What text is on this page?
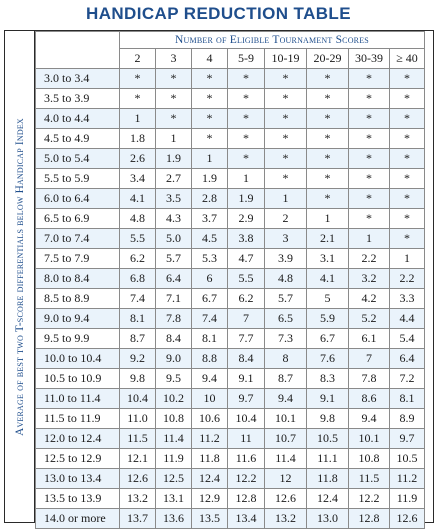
HANDICAP REDUCTION TABLE
Average of best two T-score differentials below Handicap Index
	Number of Eligible Tournament Scores							
	2	3	4	5-9	10-19	20-29	30-39	≥ 40
3.0 to 3.4	*	*	*	*	*	*	*	*
3.5 to 3.9	*	*	*	*	*	*	*	*
4.0 to 4.4	1	*	*	*	*	*	*	*
4.5 to 4.9	1.8	1	*	*	*	*	*	*
5.0 to 5.4	2.6	1.9	1	*	*	*	*	*
5.5 to 5.9	3.4	2.7	1.9	1	*	*	*	*
6.0 to 6.4	4.1	3.5	2.8	1.9	1	*	*	*
6.5 to 6.9	4.8	4.3	3.7	2.9	2	1	*	*
7.0 to 7.4	5.5	5.0	4.5	3.8	3	2.1	1	*
7.5 to 7.9	6.2	5.7	5.3	4.7	3.9	3.1	2.2	1
8.0 to 8.4	6.8	6.4	6	5.5	4.8	4.1	3.2	2.2
8.5 to 8.9	7.4	7.1	6.7	6.2	5.7	5	4.2	3.3
9.0 to 9.4	8.1	7.8	7.4	7	6.5	5.9	5.2	4.4
9.5 to 9.9	8.7	8.4	8.1	7.7	7.3	6.7	6.1	5.4
10.0 to 10.4	9.2	9.0	8.8	8.4	8	7.6	7	6.4
10.5 to 10.9	9.8	9.5	9.4	9.1	8.7	8.3	7.8	7.2
11.0 to 11.4	10.4	10.2	10	9.7	9.4	9.1	8.6	8.1
11.5 to 11.9	11.0	10.8	10.6	10.4	10.1	9.8	9.4	8.9
12.0 to 12.4	11.5	11.4	11.2	11	10.7	10.5	10.1	9.7
12.5 to 12.9	12.1	11.9	11.8	11.6	11.4	11.1	10.8	10.5
13.0 to 13.4	12.6	12.5	12.4	12.2	12	11.8	11.5	11.2
13.5 to 13.9	13.2	13.1	12.9	12.8	12.6	12.4	12.2	11.9
14.0 or more	13.7	13.6	13.5	13.4	13.2	13.0	12.8	12.6
